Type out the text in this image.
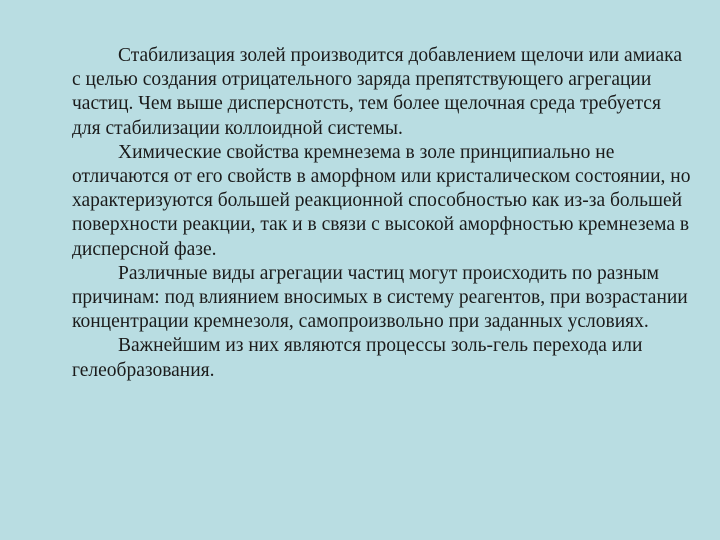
Стабилизация золей производится добавлением щелочи или амиака с целью создания отрицательного заряда препятствующего агрегации частиц. Чем выше дисперснотсть, тем более щелочная среда требуется для стабилизации коллоидной системы.

Химические свойства кремнезема в золе принципиально не отличаются от его свойств в аморфном или кристалическом состоянии, но характеризуются большей реакционной способностью как из-за большей поверхности реакции, так и в связи с высокой аморфностью кремнезема в дисперсной фазе.

Различные виды агрегации частиц могут происходить по разным причинам: под влиянием вносимых в систему реагентов, при возрастании концентрации кремнезоля, самопроизвольно при заданных условиях.

Важнейшим из них являются процессы золь-гель перехода или гелеобразования.
